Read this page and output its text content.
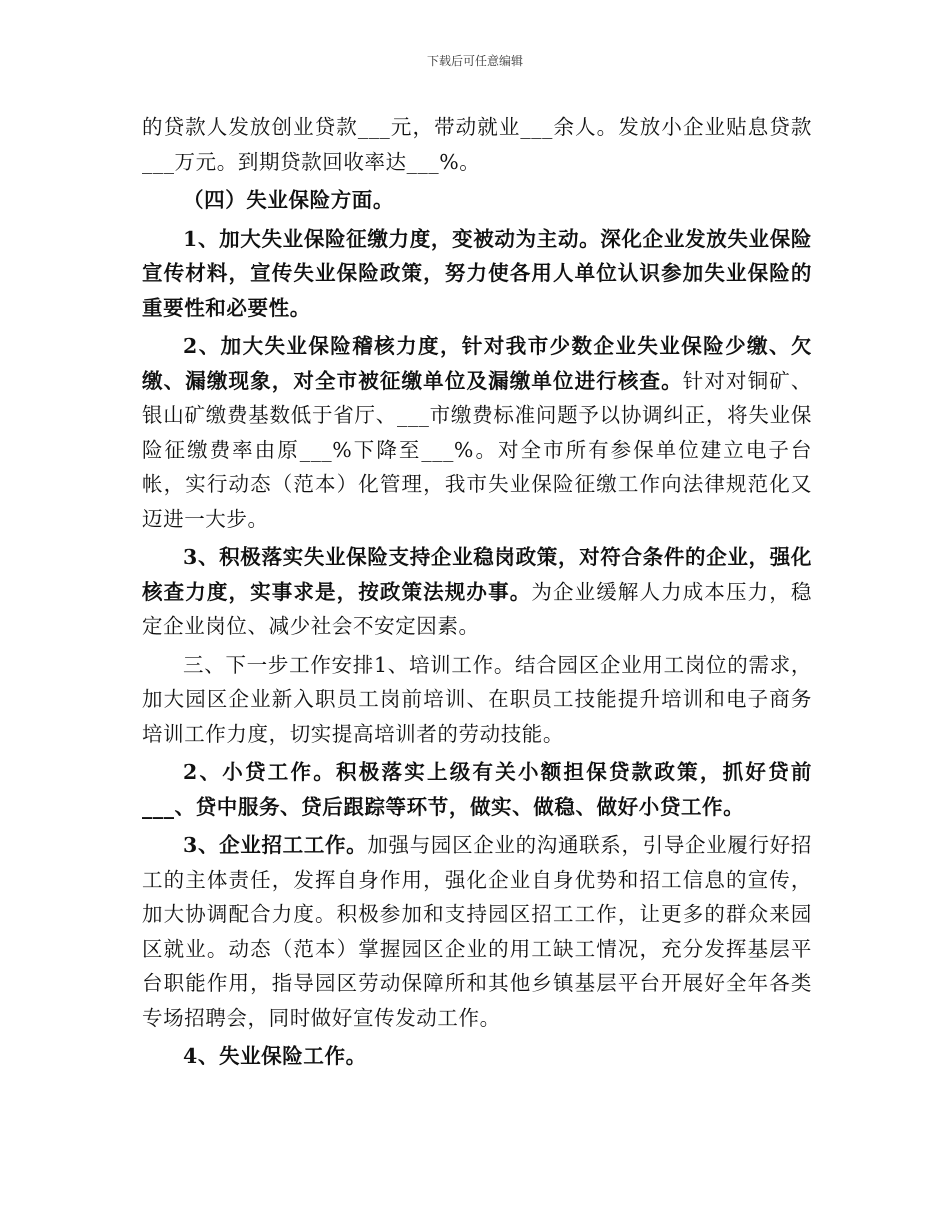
下载后可任意编辑

的贷款人发放创业贷款___元，带动就业___余人。发放小企业贴息贷款___万元。到期贷款回收率达___%。

（四）失业保险方面。

1、加大失业保险征缴力度，变被动为主动。深化企业发放失业保险宣传材料，宣传失业保险政策，努力使各用人单位认识参加失业保险的重要性和必要性。

2、加大失业保险稽核力度，针对我市少数企业失业保险少缴、欠缴、漏缴现象，对全市被征缴单位及漏缴单位进行核查。针对对铜矿、银山矿缴费基数低于省厅、___市缴费标准问题予以协调纠正，将失业保险征缴费率由原___%下降至___%。对全市所有参保单位建立电子台帐，实行动态（范本）化管理，我市失业保险征缴工作向法律规范化又迈进一大步。

3、积极落实失业保险支持企业稳岗政策，对符合条件的企业，强化核查力度，实事求是，按政策法规办事。为企业缓解人力成本压力，稳定企业岗位、减少社会不安定因素。

三、下一步工作安排1、培训工作。结合园区企业用工岗位的需求，加大园区企业新入职员工岗前培训、在职员工技能提升培训和电子商务培训工作力度，切实提高培训者的劳动技能。

2、小贷工作。积极落实上级有关小额担保贷款政策，抓好贷前___、贷中服务、贷后跟踪等环节，做实、做稳、做好小贷工作。

3、企业招工工作。加强与园区企业的沟通联系，引导企业履行好招工的主体责任，发挥自身作用，强化企业自身优势和招工信息的宣传，加大协调配合力度。积极参加和支持园区招工工作，让更多的群众来园区就业。动态（范本）掌握园区企业的用工缺工情况，充分发挥基层平台职能作用，指导园区劳动保障所和其他乡镇基层平台开展好全年各类专场招聘会，同时做好宣传发动工作。

4、失业保险工作。
